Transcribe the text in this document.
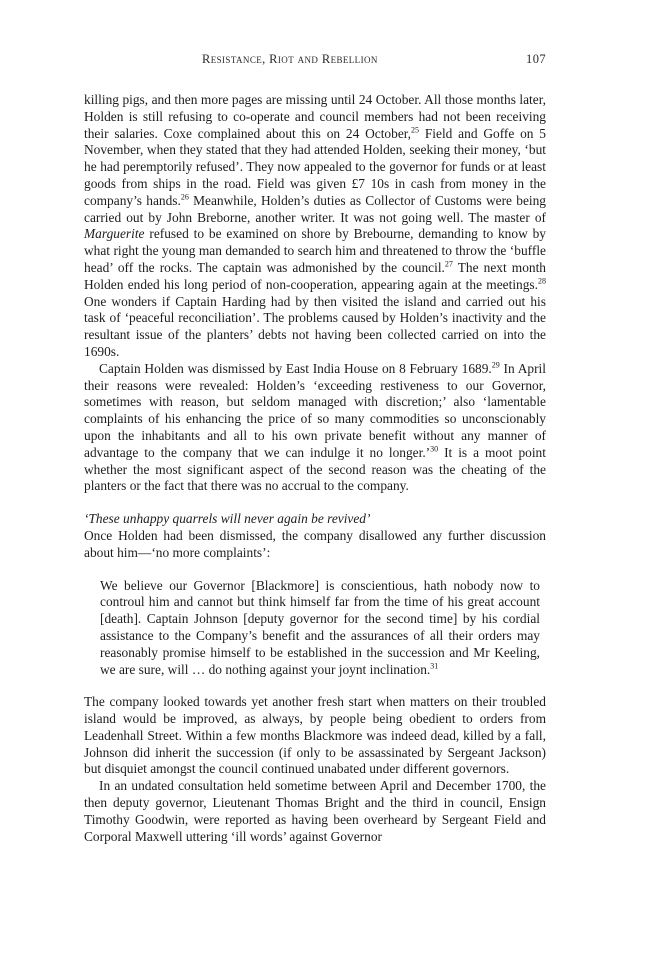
Resistance, Riot and Rebellion	107

killing pigs, and then more pages are missing until 24 October. All those months later, Holden is still refusing to co-operate and council members had not been receiving their salaries. Coxe complained about this on 24 October,$^{25}$ Field and Goffe on 5 November, when they stated that they had attended Holden, seeking their money, ‘but he had peremptorily refused’. They now appealed to the governor for funds or at least goods from ships in the road. Field was given £7 10s in cash from money in the company’s hands.$^{26}$ Meanwhile, Holden’s duties as Collector of Customs were being carried out by John Breborne, another writer. It was not going well. The master of Marguerite refused to be examined on shore by Brebourne, demanding to know by what right the young man demanded to search him and threatened to throw the ‘buffle head’ off the rocks. The captain was admonished by the council.$^{27}$ The next month Holden ended his long period of non-cooperation, appearing again at the meetings.$^{28}$ One wonders if Captain Harding had by then visited the island and carried out his task of ‘peaceful reconciliation’. The problems caused by Holden’s inactivity and the resultant issue of the planters’ debts not having been collected carried on into the 1690s.

Captain Holden was dismissed by East India House on 8 February 1689.29 In April their reasons were revealed: Holden’s ‘exceeding restiveness to our Governor, sometimes with reason, but seldom managed with discretion;’ also ‘lamentable complaints of his enhancing the price of so many commodities so unconscionably upon the inhabitants and all to his own private benefit without any manner of advantage to the company that we can indulge it no longer.’$^{30}$ It is a moot point whether the most significant aspect of the second reason was the cheating of the planters or the fact that there was no accrual to the company.

‘These unhappy quarrels will never again be revived’

Once Holden had been dismissed, the company disallowed any further discussion about him—‘no more complaints’:

We believe our Governor [Blackmore] is conscientious, hath nobody now to controul him and cannot but think himself far from the time of his great account [death]. Captain Johnson [deputy governor for the second time] by his cordial assistance to the Company’s benefit and the assurances of all their orders may reasonably promise himself to be established in the succession and Mr Keeling, we are sure, will … do nothing against your joynt inclination.$^{31}$

The company looked towards yet another fresh start when matters on their troubled island would be improved, as always, by people being obedient to orders from Leadenhall Street. Within a few months Blackmore was indeed dead, killed by a fall, Johnson did inherit the succession (if only to be assassinated by Sergeant Jackson) but disquiet amongst the council continued unabated under different governors.

In an undated consultation held sometime between April and December 1700, the then deputy governor, Lieutenant Thomas Bright and the third in council, Ensign Timothy Goodwin, were reported as having been overheard by Sergeant Field and Corporal Maxwell uttering ‘ill words’ against Governor
